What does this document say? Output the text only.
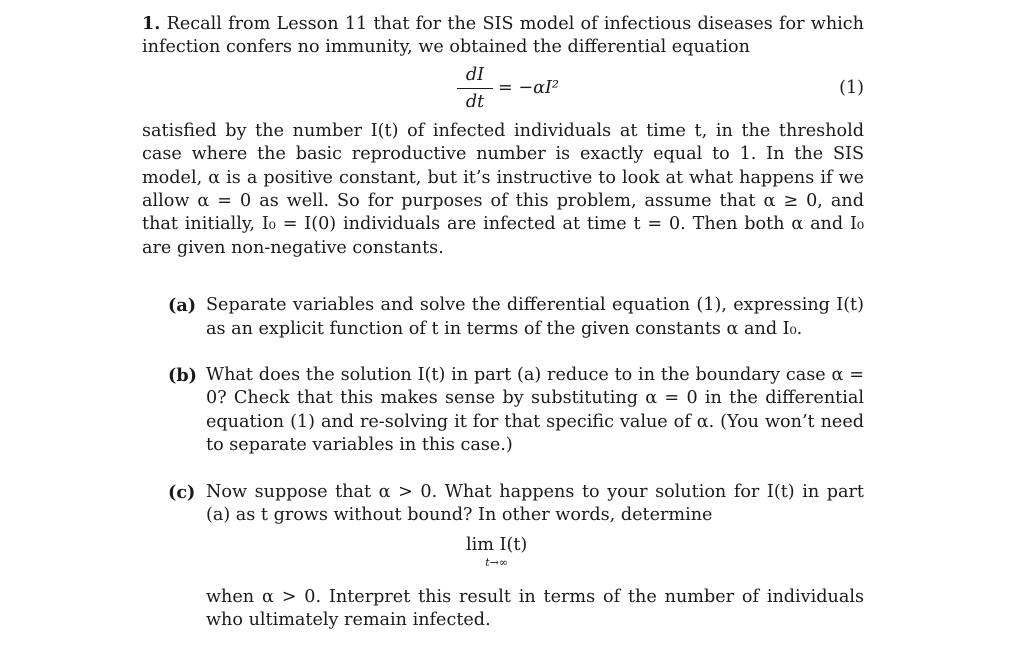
1. Recall from Lesson 11 that for the SIS model of infectious diseases for which infection confers no immunity, we obtained the differential equation

dI
dt
= −αI²	(1)

satisfied by the number I(t) of infected individuals at time t, in the threshold case where the basic reproductive number is exactly equal to 1. In the SIS model, α is a positive constant, but it’s instructive to look at what happens if we allow α = 0 as well. So for purposes of this problem, assume that α ≥ 0, and that initially, I₀ = I(0) individuals are infected at time t = 0. Then both α and I₀ are given non-negative constants.

(a) Separate variables and solve the differential equation (1), expressing I(t) as an explicit function of t in terms of the given constants α and I₀.
(b) What does the solution I(t) in part (a) reduce to in the boundary case α = 0? Check that this makes sense by substituting α = 0 in the differential equation (1) and re-solving it for that specific value of α. (You won’t need to separate variables in this case.)
(c) Now suppose that α > 0. What happens to your solution for I(t) in part (a) as t grows without bound? In other words, determine
lim I(t)
t→∞
when α > 0. Interpret this result in terms of the number of individuals who ultimately remain infected.
